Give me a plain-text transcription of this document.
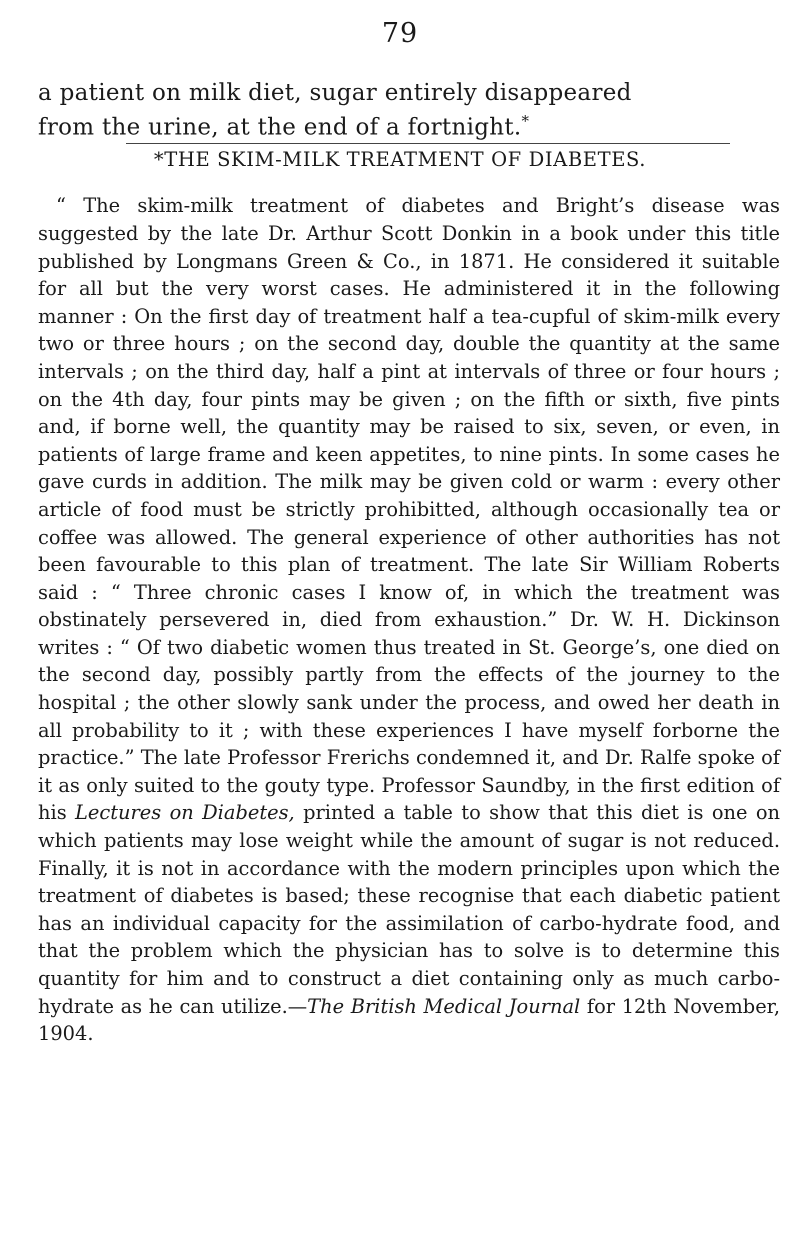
79
a patient on milk diet, sugar entirely disappeared
from the urine, at the end of a fortnight.*
*THE SKIM-MILK TREATMENT OF DIABETES.

“ The skim-milk treatment of diabetes and Bright’s disease was suggested by the late Dr. Arthur Scott Donkin in a book under this title published by Longmans Green & Co., in 1871. He considered it suitable for all but the very worst cases. He administered it in the following manner : On the first day of treatment half a tea-cupful of skim-milk every two or three hours ; on the second day, double the quantity at the same intervals ; on the third day, half a pint at intervals of three or four hours ; on the 4th day, four pints may be given ; on the fifth or sixth, five pints and, if borne well, the quantity may be raised to six, seven, or even, in patients of large frame and keen appetites, to nine pints. In some cases he gave curds in addition. The milk may be given cold or warm : every other article of food must be strictly prohibitted, although occasionally tea or coffee was allowed. The general experience of other authorities has not been favourable to this plan of treatment. The late Sir William Roberts said : “ Three chronic cases I know of, in which the treatment was obstinately persevered in, died from exhaustion.” Dr. W. H. Dickinson writes : “ Of two diabetic women thus treated in St. George’s, one died on the second day, possibly partly from the effects of the journey to the hospital ; the other slowly sank under the process, and owed her death in all probability to it ; with these experiences I have myself forborne the practice.” The late Professor Frerichs condemned it, and Dr. Ralfe spoke of it as only suited to the gouty type. Professor Saundby, in the first edition of his Lectures on Diabetes, printed a table to show that this diet is one on which patients may lose weight while the amount of sugar is not reduced. Finally, it is not in accordance with the modern principles upon which the treatment of diabetes is based; these recognise that each diabetic patient has an individual capacity for the assimilation of carbo-hydrate food, and that the problem which the physician has to solve is to determine this quantity for him and to construct a diet containing only as much carbo-hydrate as he can utilize.—The British Medical Journal for 12th November, 1904.
